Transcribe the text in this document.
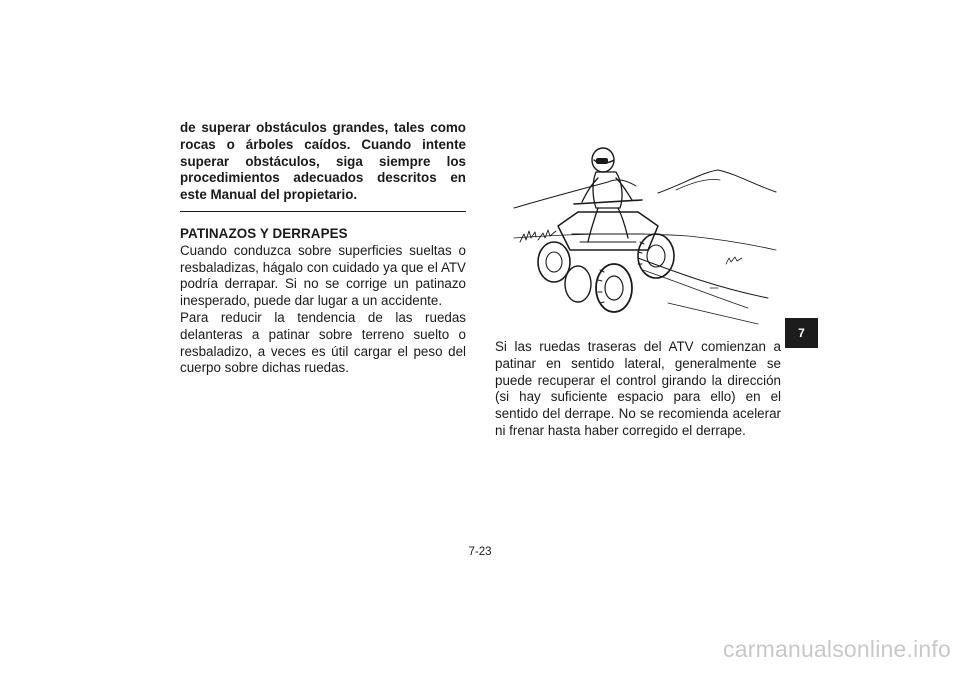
de superar obstáculos grandes, tales como rocas o árboles caídos. Cuando intente superar obstáculos, siga siempre los procedimientos adecuados descritos en este Manual del propietario.

PATINAZOS Y DERRAPES

Cuando conduzca sobre superficies sueltas o resbaladizas, hágalo con cuidado ya que el ATV podría derrapar. Si no se corrige un patinazo inesperado, puede dar lugar a un accidente.

Para reducir la tendencia de las ruedas delanteras a patinar sobre terreno suelto o resbaladizo, a veces es útil cargar el peso del cuerpo sobre dichas ruedas.

Si las ruedas traseras del ATV comienzan a patinar en sentido lateral, generalmente se puede recuperar el control girando la dirección (si hay suficiente espacio para ello) en el sentido del derrape. No se recomienda acelerar ni frenar hasta haber corregido el derrape.

7
7-23
carmanualsonline.info
